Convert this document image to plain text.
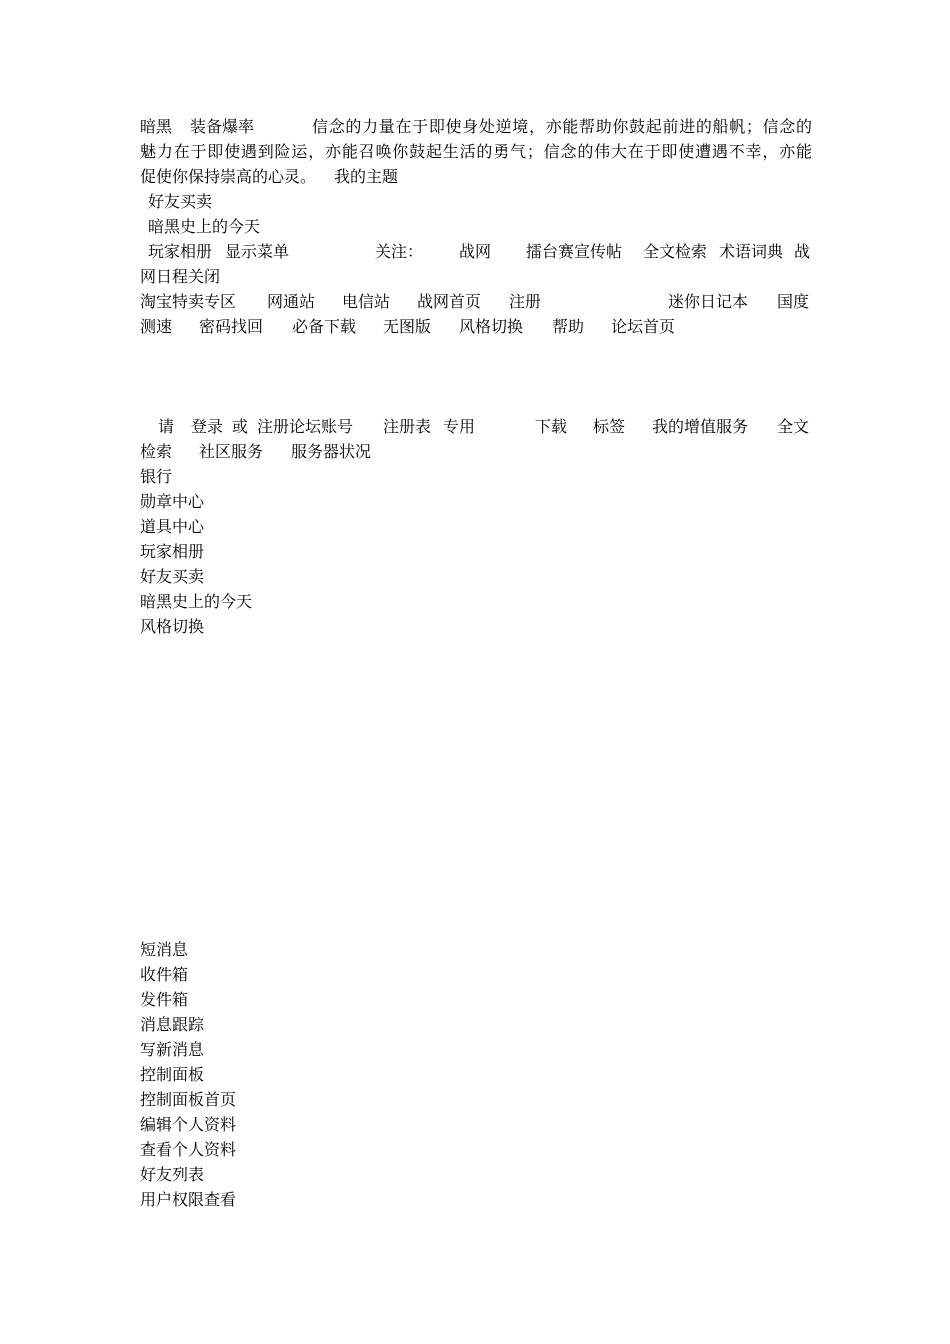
暗黑 装备爆率	信念的力量在于即使身处逆境，亦能帮助你鼓起前进的船帆；信念的
魅力在于即使遇到险运，亦能召唤你鼓起生活的勇气；信念的伟大在于即使遭遇不幸，亦能
促使你保持崇高的心灵。 我的主题
好友买卖
暗黑史上的今天
玩家相册 显示菜单	关注： 战网 擂台赛宣传帖 全文检索 术语词典 战
网日程关闭
淘宝特卖专区 网通站 电信站 战网首页 注册	迷你日记本 国度
测速 密码找回 必备下载 无图版 风格切换 帮助 论坛首页
请 登录 或 注册论坛账号 注册表 专用	下载 标签 我的增值服务 全文
检索 社区服务 服务器状况
银行
勋章中心
道具中心
玩家相册
好友买卖
暗黑史上的今天
风格切换
短消息
收件箱
发件箱
消息跟踪
写新消息
控制面板
控制面板首页
编辑个人资料
查看个人资料
好友列表
用户权限查看
